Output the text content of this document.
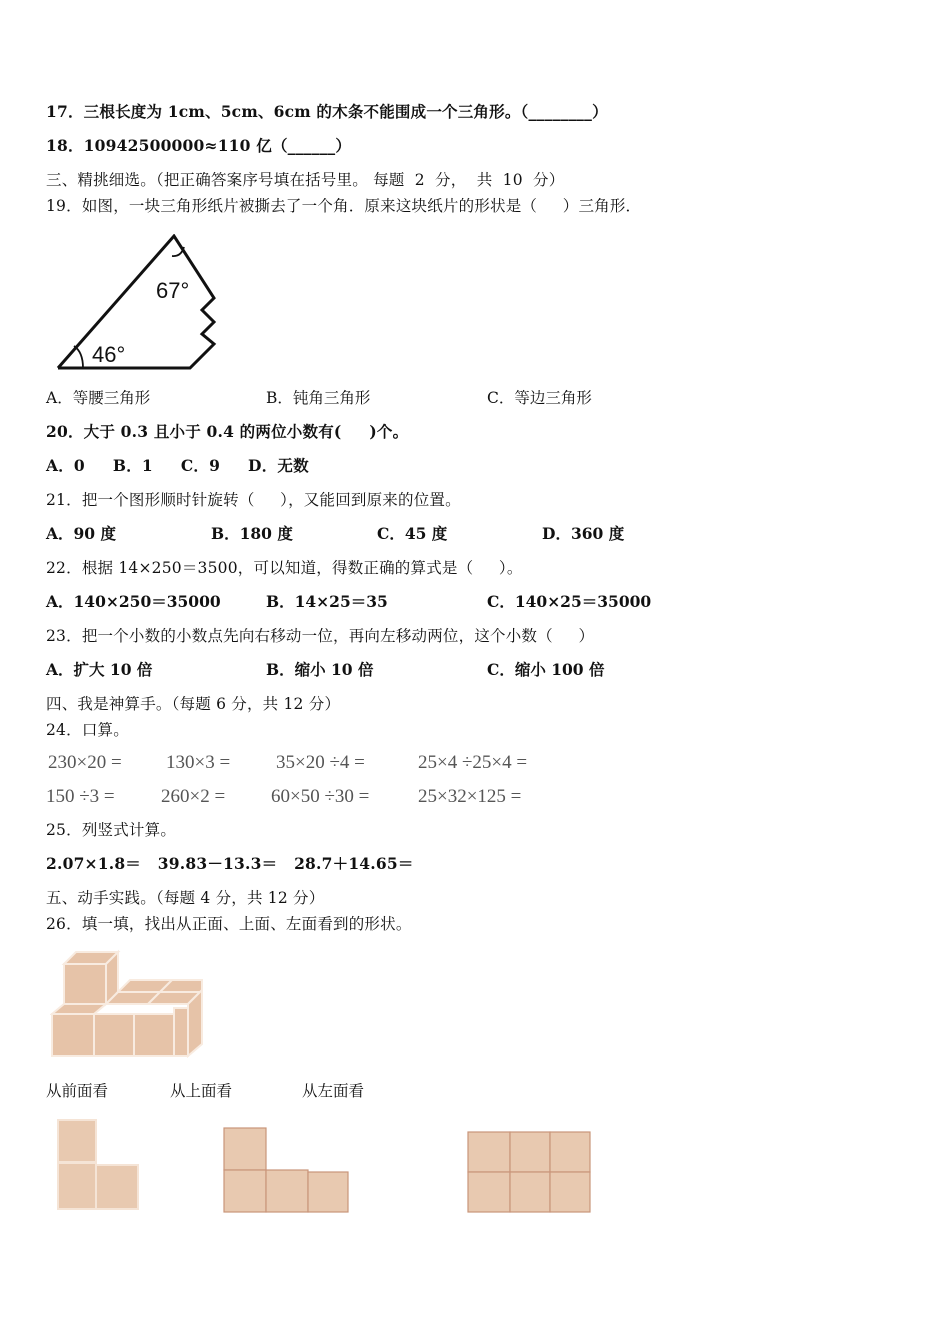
17．三根长度为 1cm、5cm、6cm 的木条不能围成一个三角形。（________）
18．10942500000≈110 亿（______）
三、精挑细选。（把正确答案序号填在括号里。 每题  2  分，  共  10  分）
19．如图，一块三角形纸片被撕去了一个角．原来这块纸片的形状是（     ）三角形．
67°
46°
A．等腰三角形	B．钝角三角形	C．等边三角形
20．大于 0.3 且小于 0.4 的两位小数有(     )个。
A．0     B．1     C．9     D．无数
21．把一个图形顺时针旋转（     ），又能回到原来的位置。
A．90 度	B．180 度	C．45 度	D．360 度
22．根据 14×250＝3500，可以知道，得数正确的算式是（     ）。
A．140×250＝35000	B．14×25＝35	C．140×25＝35000
23．把一个小数的小数点先向右移动一位，再向左移动两位，这个小数（     ）
A．扩大 10 倍	B．缩小 10 倍	C．缩小 100 倍
四、我是神算手。（每题 6 分，共 12 分）
24．口算。
230×20 = 130×3 = 35×20 ÷4 =	25×4 ÷25×4 =
150 ÷3 = 260×2 = 60×50 ÷30 =	25×32×125 =
25．列竖式计算。
2.07×1.8＝   39.83－13.3＝   28.7＋14.65＝
五、动手实践。（每题 4 分，共 12 分）
26．填一填，找出从正面、上面、左面看到的形状。
从前面看	从上面看	从左面看
